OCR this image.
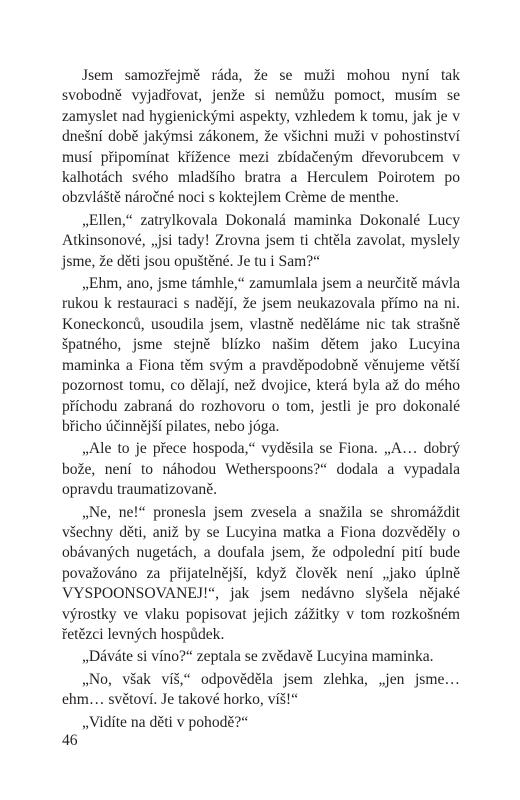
Jsem samozřejmě ráda, že se muži mohou nyní tak svobodně vyjadřovat, jenže si nemůžu pomoct, musím se zamyslet nad hygienickými aspekty, vzhledem k tomu, jak je v dnešní době jakýmsi zákonem, že všichni muži v pohostinství musí připomínat křížence mezi zbídačeným dřevorubcem v kalhotách svého mladšího bratra a Herculem Poirotem po obzvláště náročné noci s koktejlem Crème de menthe.

„Ellen,“ zatrylkovala Dokonalá maminka Dokonalé Lucy Atkinsonové, „jsi tady! Zrovna jsem ti chtěla zavolat, myslely jsme, že děti jsou opuštěné. Je tu i Sam?“

„Ehm, ano, jsme támhle,“ zamumlala jsem a neurčitě mávla rukou k restauraci s nadějí, že jsem neukazovala přímo na ni. Koneckonců, usoudila jsem, vlastně neděláme nic tak strašně špatného, jsme stejně blízko našim dětem jako Lucyina maminka a Fiona těm svým a pravděpodobně věnujeme větší pozornost tomu, co dělají, než dvojice, která byla až do mého příchodu zabraná do rozhovoru o tom, jestli je pro dokonalé břicho účinnější pilates, nebo jóga.

„Ale to je přece hospoda,“ vyděsila se Fiona. „A… dobrý bože, není to náhodou Wetherspoons?“ dodala a vypadala opravdu traumatizovaně.

„Ne, ne!“ pronesla jsem zvesela a snažila se shromáždit všechny děti, aniž by se Lucyina matka a Fiona dozvěděly o obávaných nugetách, a doufala jsem, že odpolední pití bude považováno za přijatelnější, když člověk není „jako úplně VYSPOONSOVANEJ!“, jak jsem nedávno slyšela nějaké výrostky ve vlaku popisovat jejich zážitky v tom rozkošném řetězci levných hospůdek.

„Dáváte si víno?“ zeptala se zvědavě Lucyina maminka.

„No, však víš,“ odpověděla jsem zlehka, „jen jsme… ehm… světoví. Je takové horko, víš!“

„Vidíte na děti v pohodě?“

46
